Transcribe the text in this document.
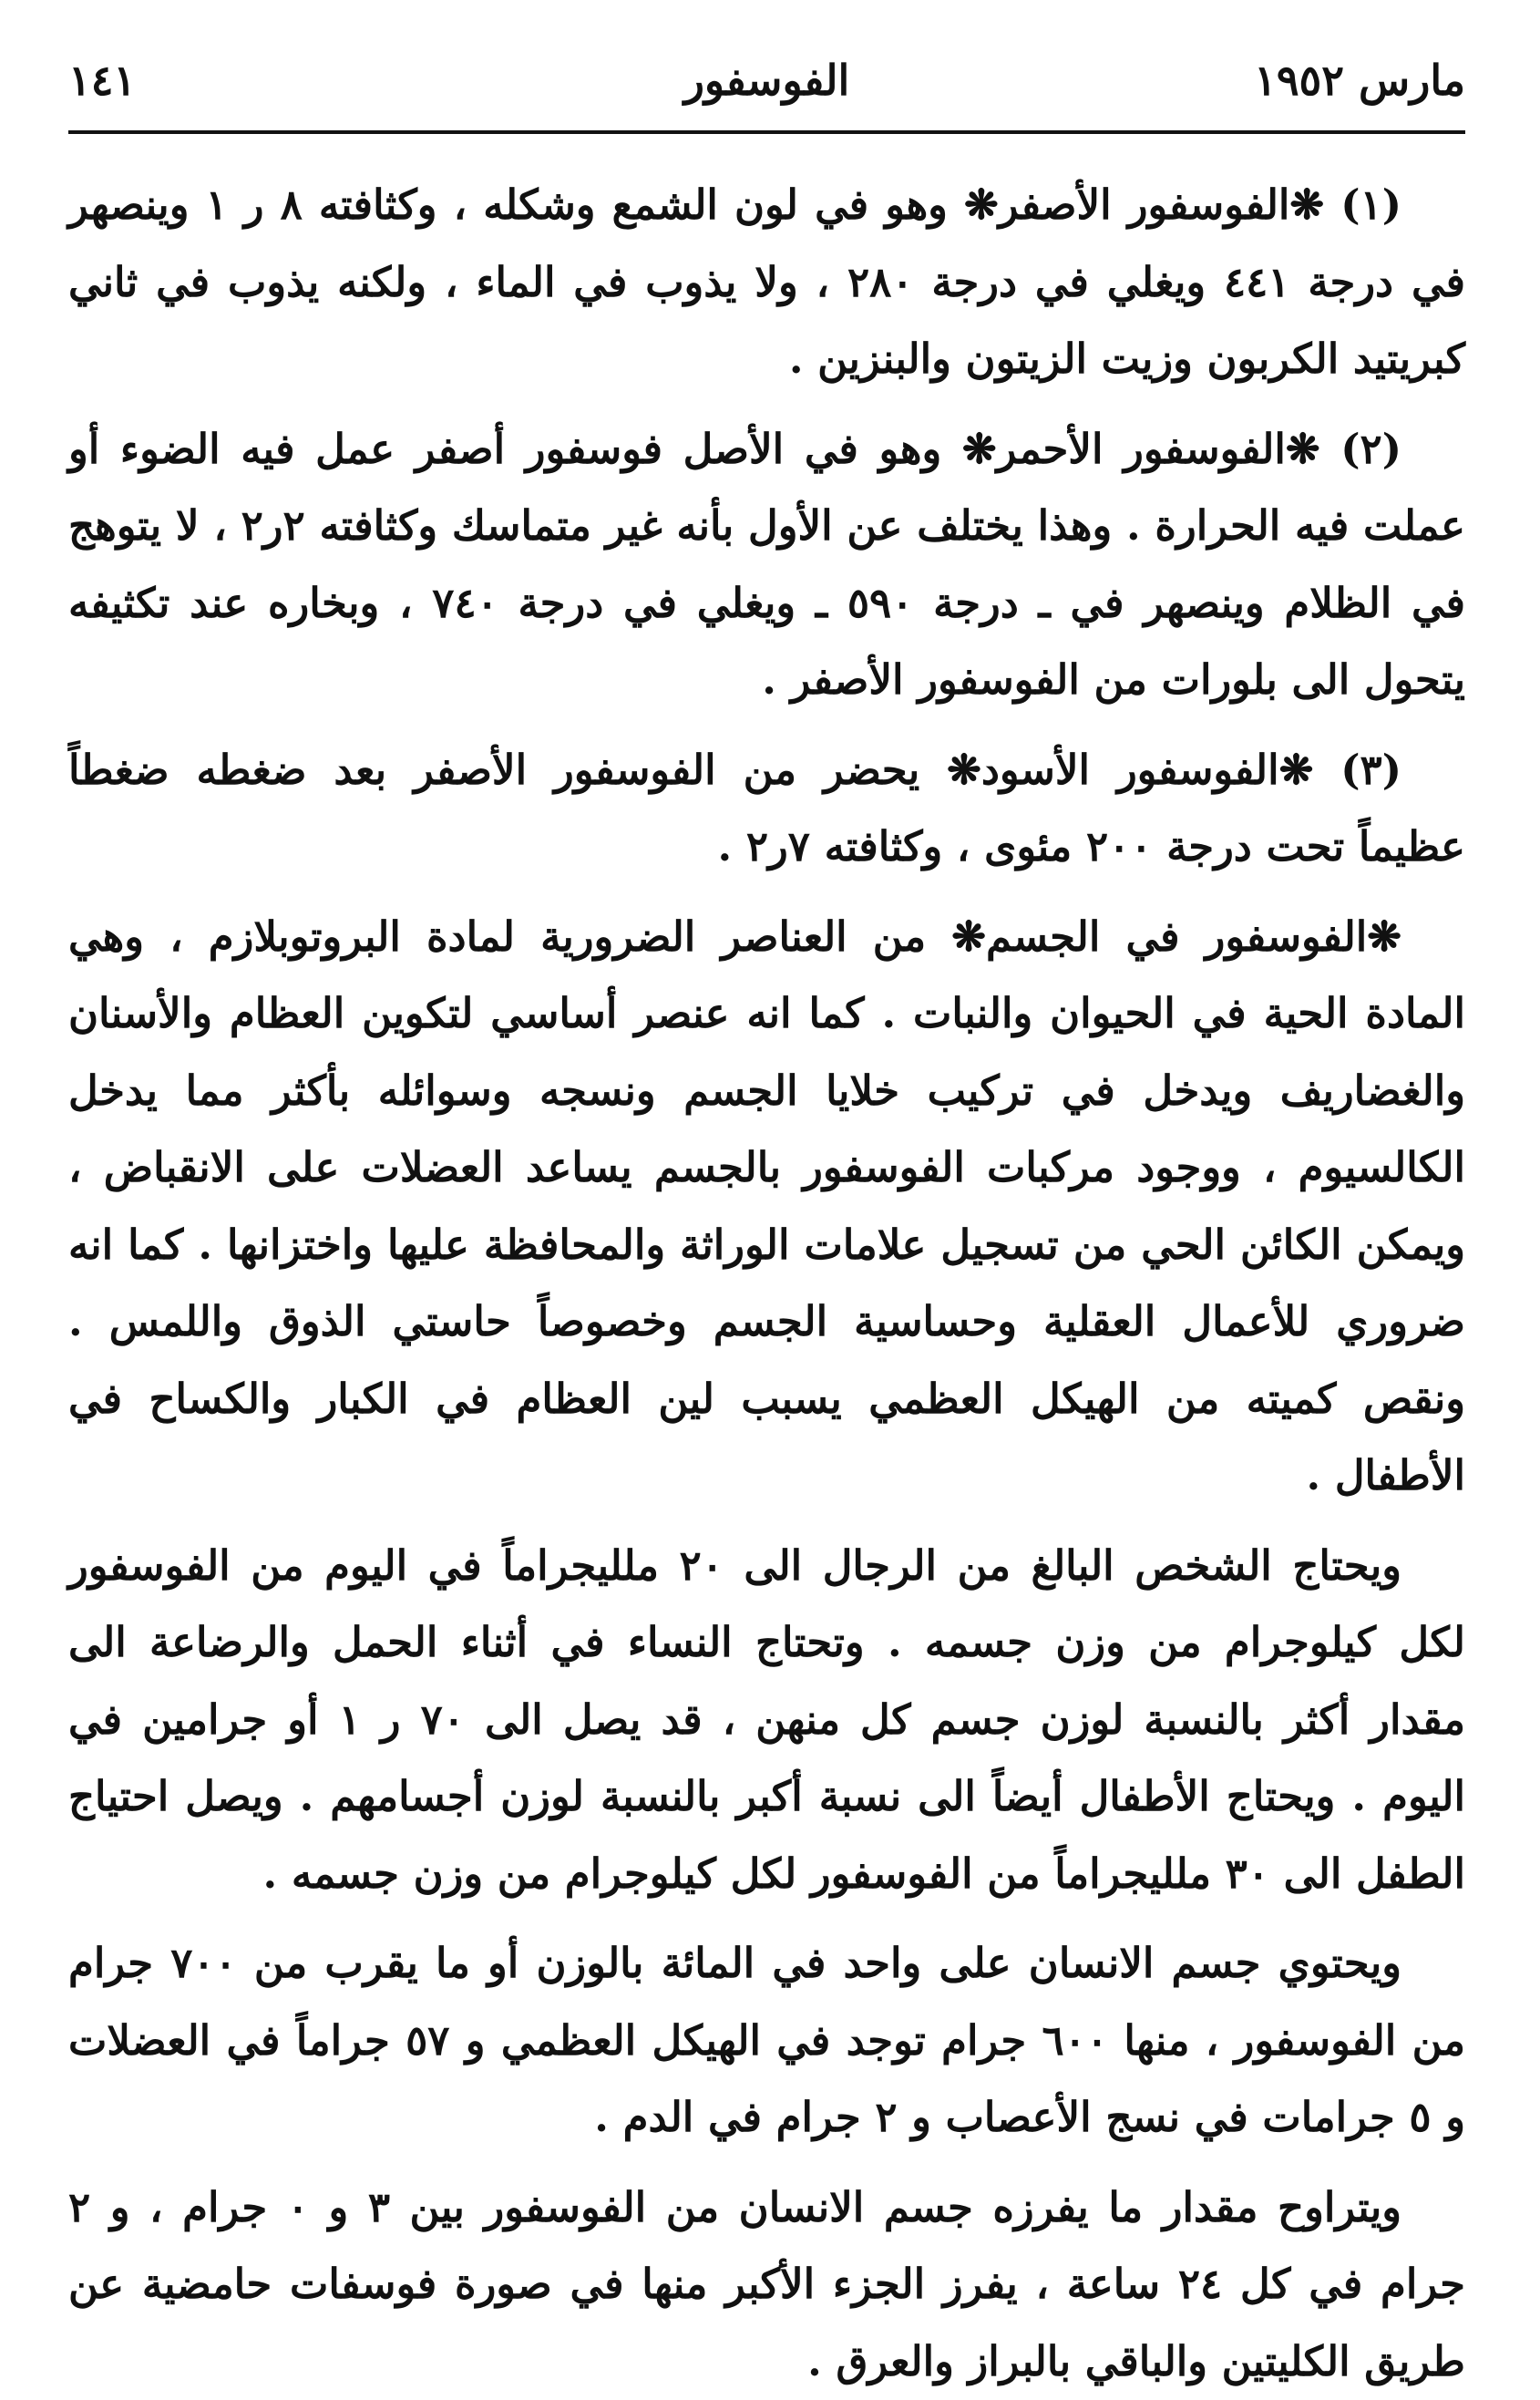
مارس ١٩٥٢
الفوسفور
١٤١

(١) ❋الفوسفور الأصفر❋ وهو في لون الشمع وشكله ، وكثافته ٨ ر ١ وينصهر في درجة ٤٤١ ويغلي في درجة ٢٨٠ ، ولا يذوب في الماء ، ولكنه يذوب في ثاني كبريتيد الكربون وزيت الزيتون والبنزين .

(٢) ❋الفوسفور الأحمر❋ وهو في الأصل فوسفور أصفر عمل فيه الضوء أو عملت فيه الحرارة . وهذا يختلف عن الأول بأنه غير متماسك وكثافته ٢ر٢ ، لا يتوهج في الظلام وينصهر في ـ درجة ٥٩٠ ـ ويغلي في درجة ٧٤٠ ، وبخاره عند تكثيفه يتحول الى بلورات من الفوسفور الأصفر .

(٣) ❋الفوسفور الأسود❋ يحضر من الفوسفور الأصفر بعد ضغطه ضغطاً عظيماً تحت درجة ٢٠٠ مئوى ، وكثافته ٧ر٢ .

❋الفوسفور في الجسم❋ من العناصر الضرورية لمادة البروتوبلازم ، وهي المادة الحية في الحيوان والنبات . كما انه عنصر أساسي لتكوين العظام والأسنان والغضاريف ويدخل في تركيب خلايا الجسم ونسجه وسوائله بأكثر مما يدخل الكالسيوم ، ووجود مركبات الفوسفور بالجسم يساعد العضلات على الانقباض ، ويمكن الكائن الحي من تسجيل علامات الوراثة والمحافظة عليها واختزانها . كما انه ضروري للأعمال العقلية وحساسية الجسم وخصوصاً حاستي الذوق واللمس . ونقص كميته من الهيكل العظمي يسبب لين العظام في الكبار والكساح في الأطفال .

ويحتاج الشخص البالغ من الرجال الى ٢٠ ملليجراماً في اليوم من الفوسفور لكل كيلوجرام من وزن جسمه . وتحتاج النساء في أثناء الحمل والرضاعة الى مقدار أكثر بالنسبة لوزن جسم كل منهن ، قد يصل الى ٧٠ ر ١ أو جرامين في اليوم . ويحتاج الأطفال أيضاً الى نسبة أكبر بالنسبة لوزن أجسامهم . ويصل احتياج الطفل الى ٣٠ ملليجراماً من الفوسفور لكل كيلوجرام من وزن جسمه .

ويحتوي جسم الانسان على واحد في المائة بالوزن أو ما يقرب من ٧٠٠ جرام من الفوسفور ، منها ٦٠٠ جرام توجد في الهيكل العظمي و ٥٧ جراماً في العضلات و ٥ جرامات في نسج الأعصاب و ٢ جرام في الدم .

ويتراوح مقدار ما يفرزه جسم الانسان من الفوسفور بين ٣ و ٠ جرام ، و ٢ جرام في كل ٢٤ ساعة ، يفرز الجزء الأكبر منها في صورة فوسفات حامضية عن طريق الكليتين والباقي بالبراز والعرق .
